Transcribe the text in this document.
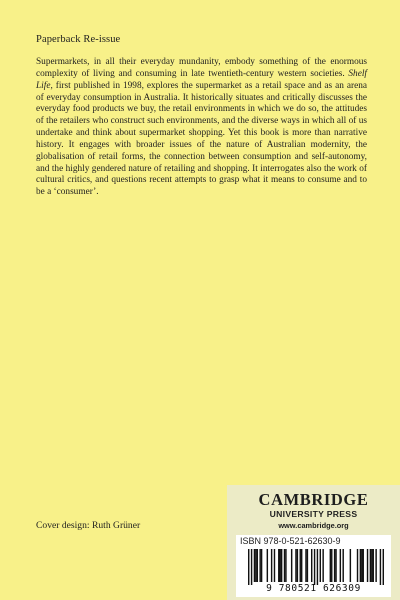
Paperback Re-issue

Supermarkets, in all their everyday mundanity, embody something of the enormous complexity of living and consuming in late twentieth-century western societies. Shelf Life, first published in 1998, explores the supermarket as a retail space and as an arena of everyday consumption in Australia. It historically situates and critically discusses the everyday food products we buy, the retail environments in which we do so, the attitudes of the retailers who construct such environments, and the diverse ways in which all of us undertake and think about supermarket shopping. Yet this book is more than narrative history. It engages with broader issues of the nature of Australian modernity, the globalisation of retail forms, the connection between consumption and self-autonomy, and the highly gendered nature of retailing and shopping. It interrogates also the work of cultural critics, and questions recent attempts to grasp what it means to consume and to be a ‘consumer’.

Cover design: Ruth Grüner
CAMBRIDGE
UNIVERSITY PRESS
www.cambridge.org
ISBN 978-0-521-62630-9
9 780521 626309
